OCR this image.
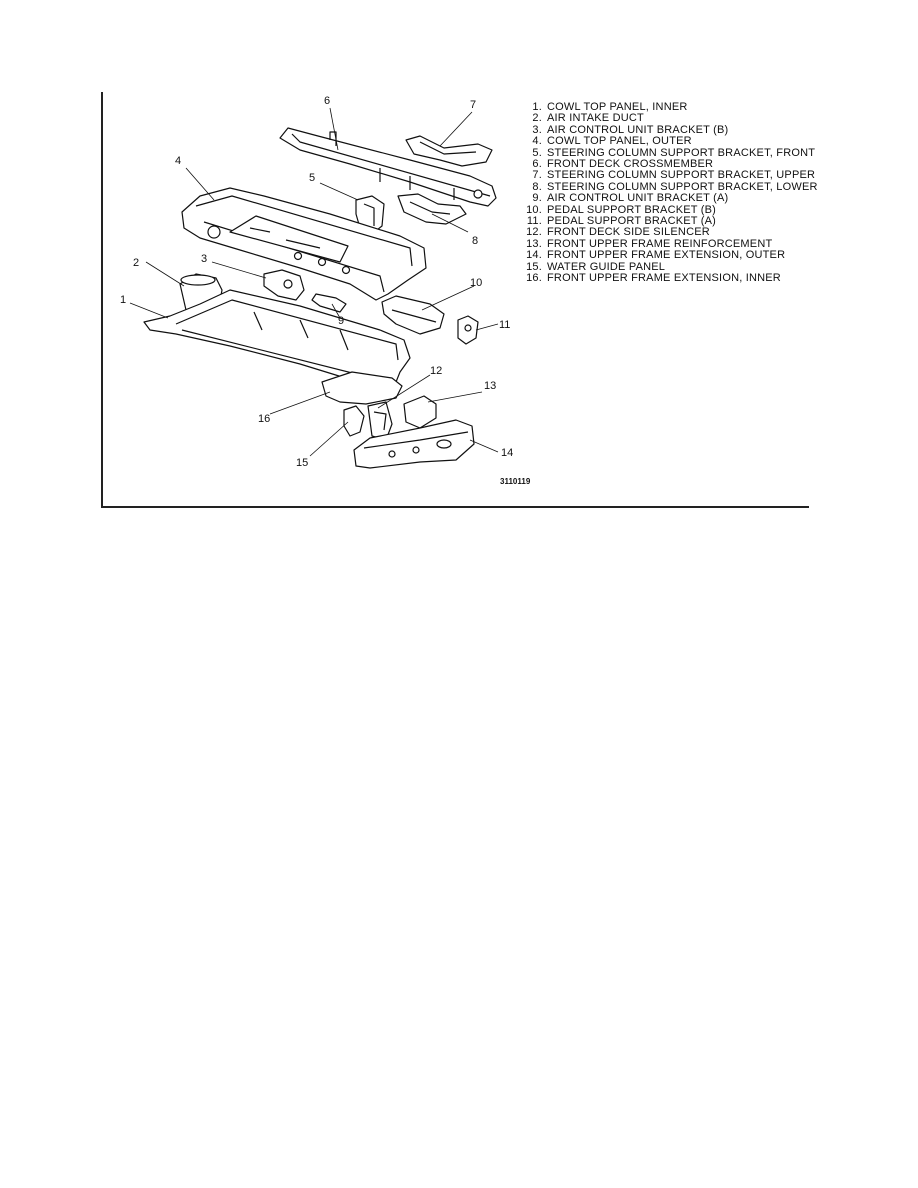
6	7
4
5
8
2	3
1
9
10
11
12
13
14
15
16
3110119
1. COWL TOP PANEL, INNER
2. AIR INTAKE DUCT
3. AIR CONTROL UNIT BRACKET (B)
4. COWL TOP PANEL, OUTER
5. STEERING COLUMN SUPPORT BRACKET, FRONT
6. FRONT DECK CROSSMEMBER
7. STEERING COLUMN SUPPORT BRACKET, UPPER
8. STEERING COLUMN SUPPORT BRACKET, LOWER
9. AIR CONTROL UNIT BRACKET (A)
10. PEDAL SUPPORT BRACKET (B)
11. PEDAL SUPPORT BRACKET (A)
12. FRONT DECK SIDE SILENCER
13. FRONT UPPER FRAME REINFORCEMENT
14. FRONT UPPER FRAME EXTENSION, OUTER
15. WATER GUIDE PANEL
16. FRONT UPPER FRAME EXTENSION, INNER
